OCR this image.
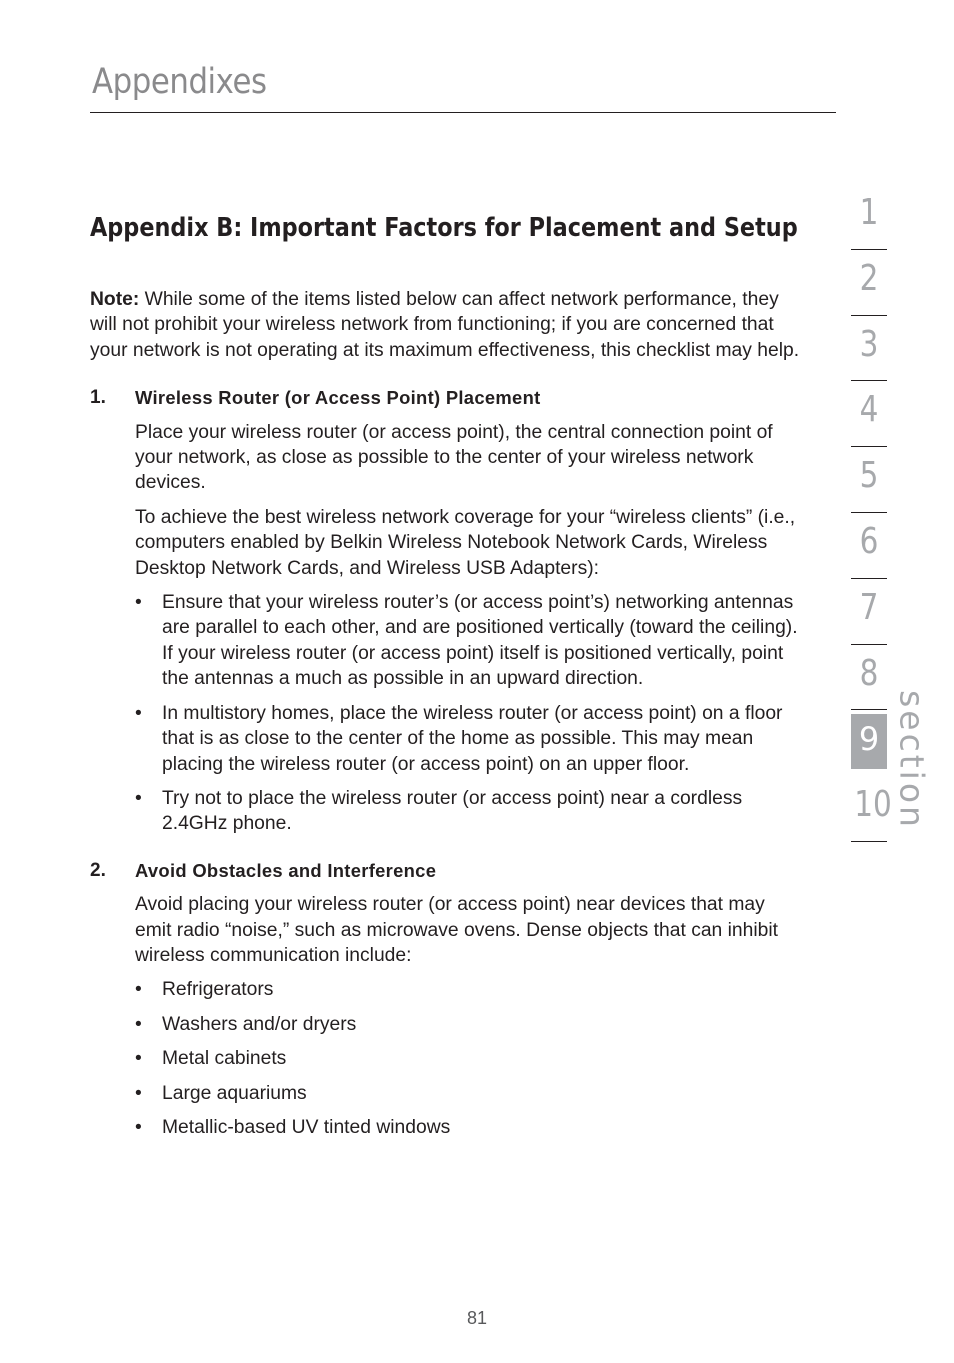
Appendixes
Appendix B: Important Factors for Placement and Setup

Note: While some of the items listed below can affect network performance, they will not prohibit your wireless network from functioning; if you are concerned that your network is not operating at its maximum effectiveness, this checklist may help.

1. Wireless Router (or Access Point) Placement

Place your wireless router (or access point), the central connection point of your network, as close as possible to the center of your wireless network devices.

To achieve the best wireless network coverage for your “wireless clients” (i.e., computers enabled by Belkin Wireless Notebook Network Cards, Wireless Desktop Network Cards, and Wireless USB Adapters):

• Ensure that your wireless router’s (or access point’s) networking antennas are parallel to each other, and are positioned vertically (toward the ceiling). If your wireless router (or access point) itself is positioned vertically, point the antennas a much as possible in an upward direction.
• In multistory homes, place the wireless router (or access point) on a floor that is as close to the center of the home as possible. This may mean placing the wireless router (or access point) on an upper floor.
• Try not to place the wireless router (or access point) near a cordless 2.4GHz phone.
2. Avoid Obstacles and Interference

Avoid placing your wireless router (or access point) near devices that may emit radio “noise,” such as microwave ovens. Dense objects that can inhibit wireless communication include:

• Refrigerators
• Washers and/or dryers
• Metal cabinets
• Large aquariums
• Metallic-based UV tinted windows
1
2
3
4
5
6
7
8
9
10 section
81
